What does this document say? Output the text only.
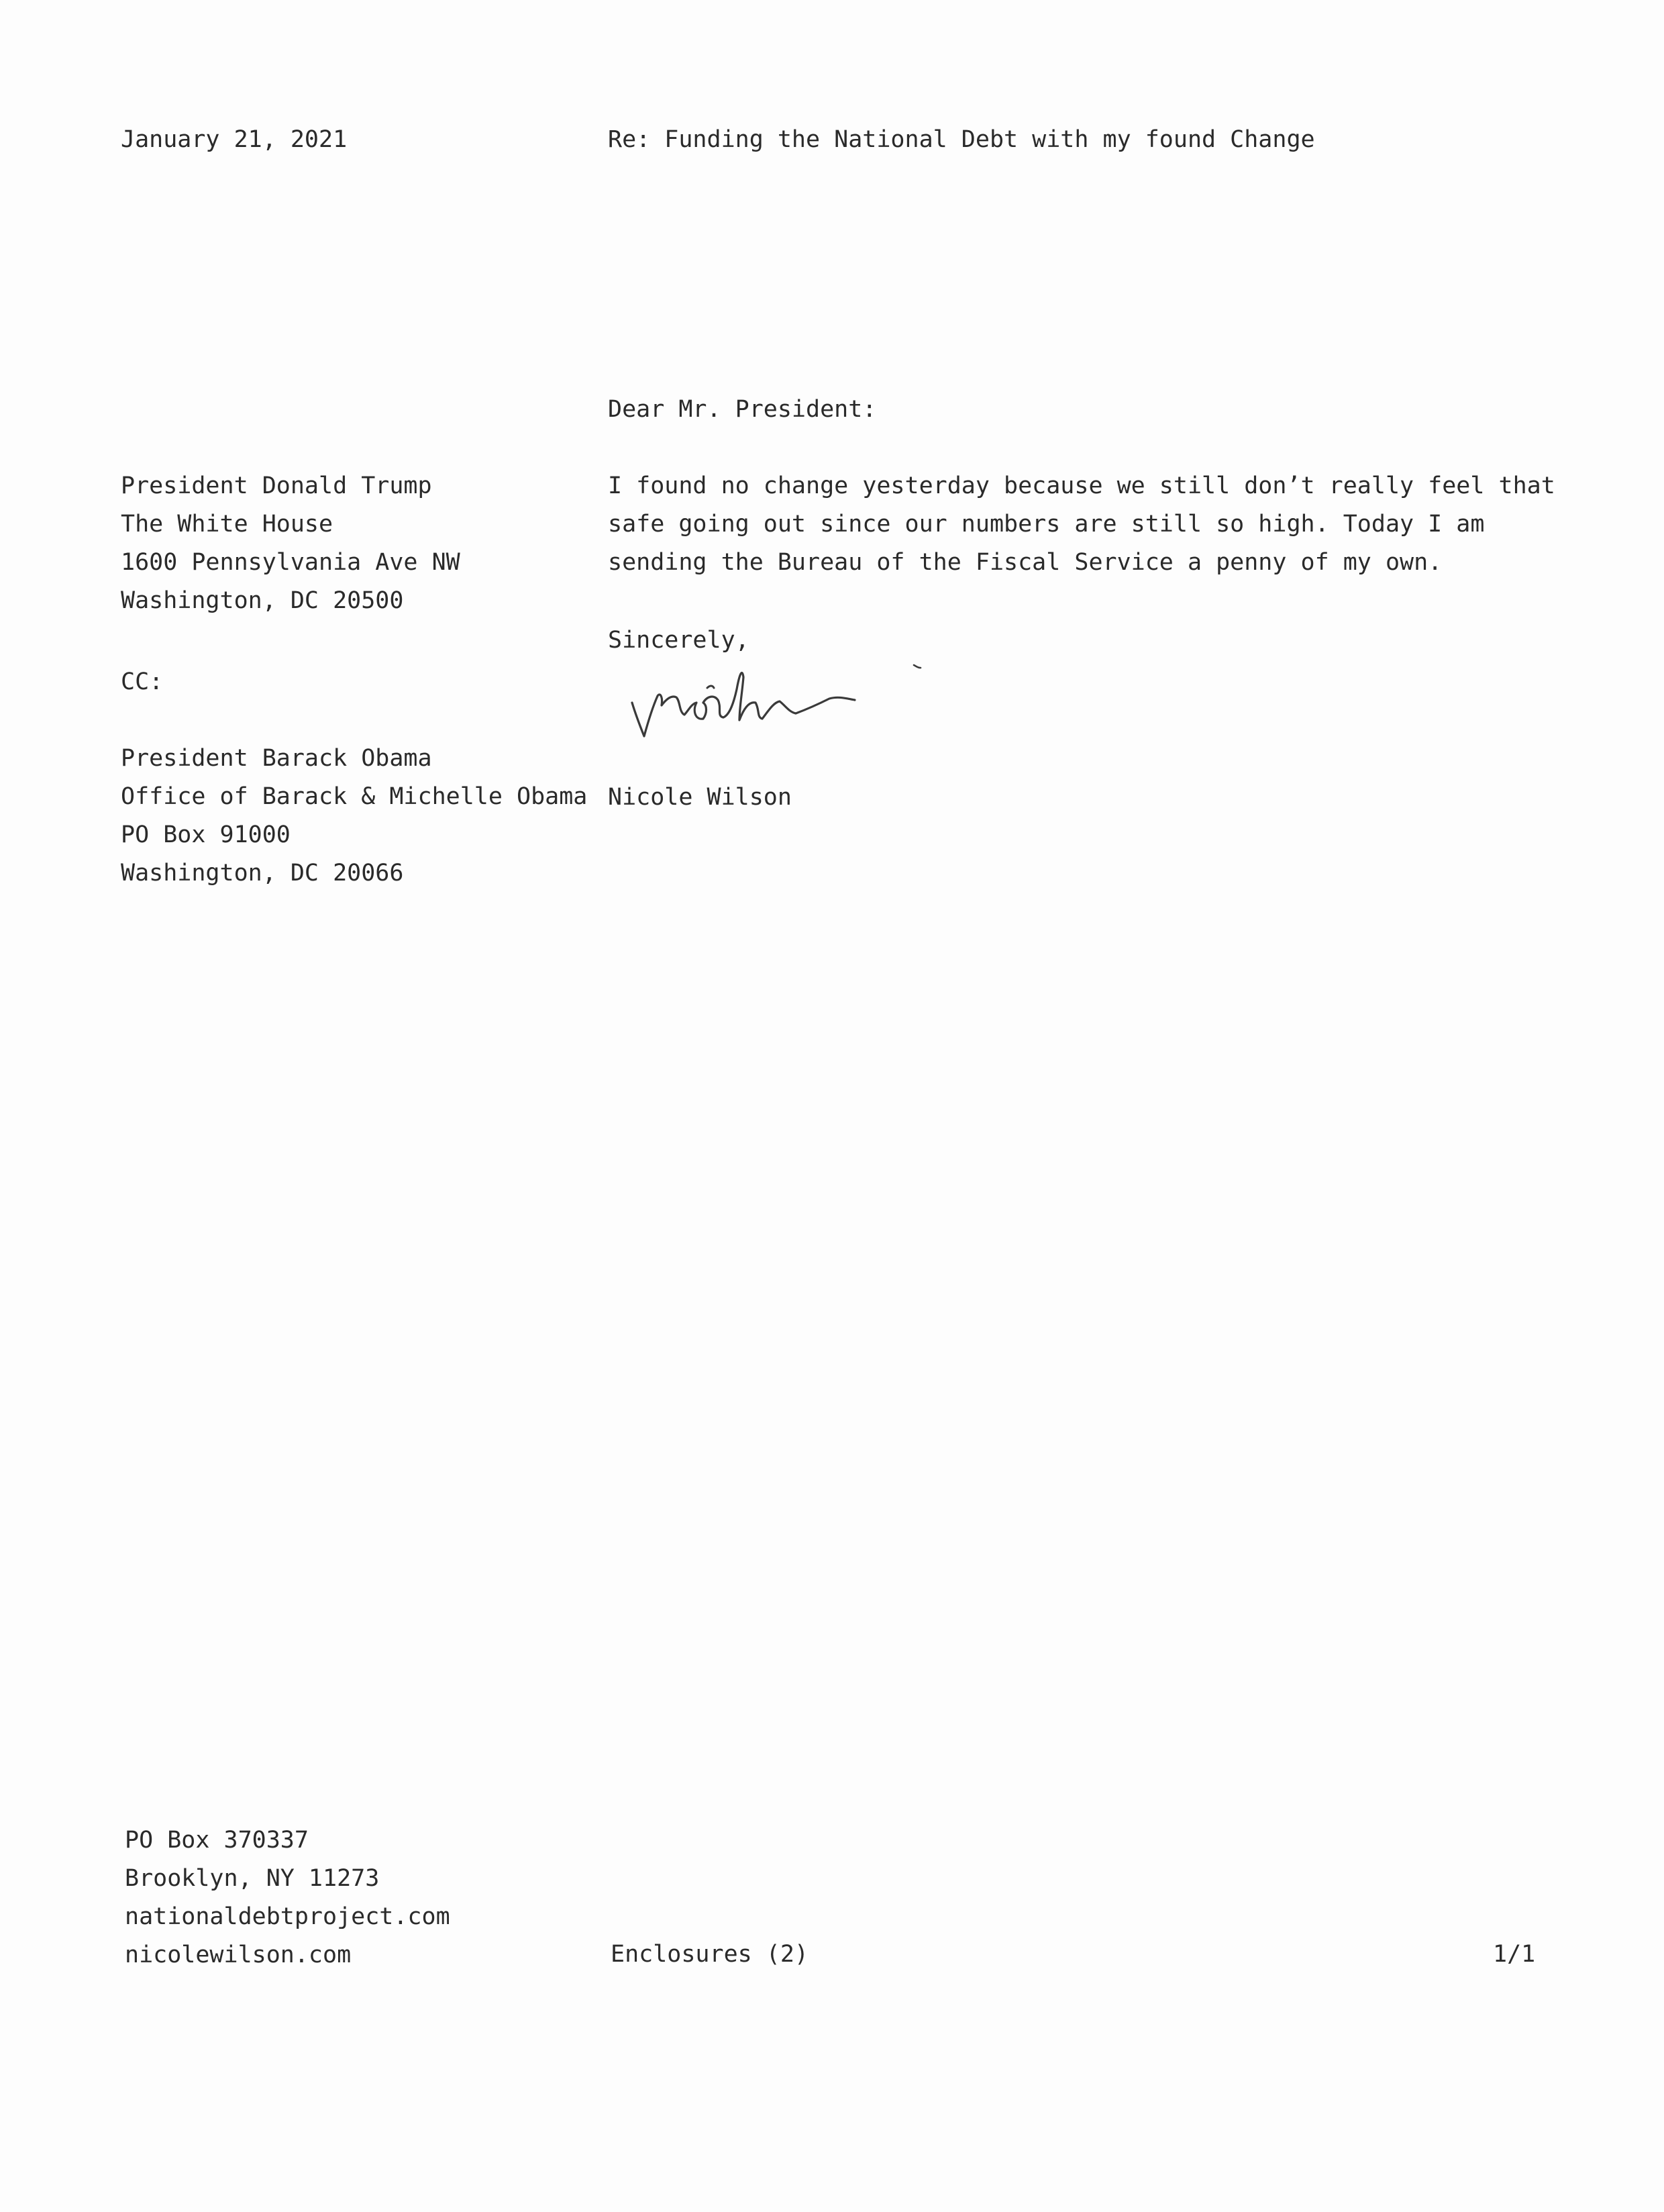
January 21, 2021	Re: Funding the National Debt with my found Change

Dear Mr. President:

President Donald Trump
The White House
1600 Pennsylvania Ave NW
Washington, DC 20500
I found no change yesterday because we still don’t really feel that
safe going out since our numbers are still so high. Today I am
sending the Bureau of the Fiscal Service a penny of my own.

Sincerely,

CC:

Nicole Wilson

President Barack Obama
Office of Barack & Michelle Obama
PO Box 91000
Washington, DC 20066
PO Box 370337
Brooklyn, NY 11273
nationaldebtproject.com
nicolewilson.com	Enclosures (2)	1/1
